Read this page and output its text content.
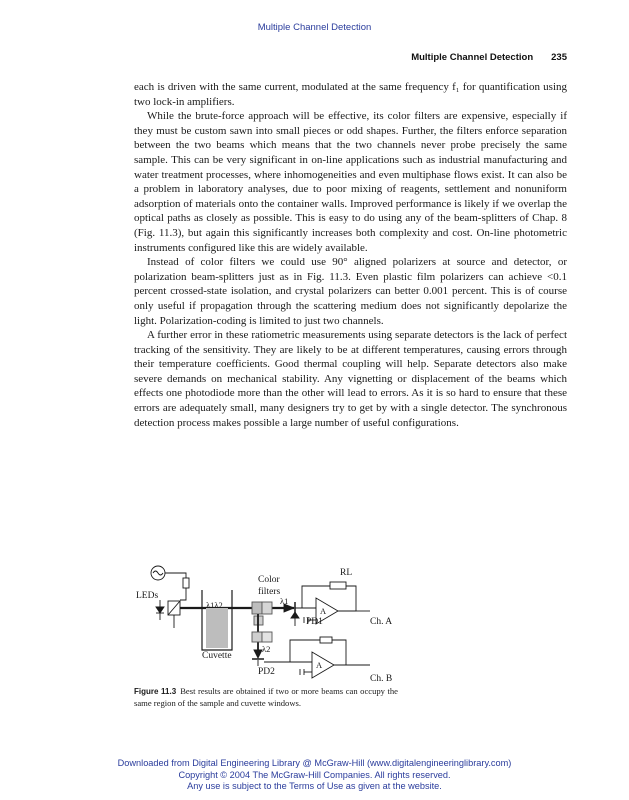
Multiple Channel Detection
Multiple Channel Detection 235

each is driven with the same current, modulated at the same frequency f₁ for quantification using two lock-in amplifiers.

While the brute-force approach will be effective, its color filters are expensive, especially if they must be custom sawn into small pieces or odd shapes. Further, the filters enforce separation between the two beams which means that the two channels never probe precisely the same sample. This can be very significant in on-line applications such as industrial manufacturing and water treatment processes, where inhomogeneities and even multiphase flows exist. It can also be a problem in laboratory analyses, due to poor mixing of reagents, settlement and nonuniform adsorption of materials onto the container walls. Improved performance is likely if we overlap the optical paths as closely as possible. This is easy to do using any of the beam-splitters of Chap. 8 (Fig. 11.3), but again this significantly increases both complexity and cost. On-line photometric instruments configured like this are widely available.

Instead of color filters we could use 90° aligned polarizers at source and detector, or polarization beam-splitters just as in Fig. 11.3. Even plastic film polarizers can achieve <0.1 percent crossed-state isolation, and crystal polarizers can better 0.001 percent. This is of course only useful if propagation through the scattering medium does not significantly depolarize the light. Polarization-coding is limited to just two channels.

A further error in these ratiometric measurements using separate detectors is the lack of perfect tracking of the sensitivity. They are likely to be at different temperatures, causing errors through their temperature coefficients. Good thermal coupling will help. Separate detectors also make severe demands on mechanical stability. Any vignetting or displacement of the beams which effects one photodiode more than the other will lead to errors. As it is so hard to ensure that these errors are adequately small, many designers try to get by with a single detector. The synchronous detection process makes possible a large number of useful configurations.

LEDs
Color
filters
λ1λ2	λ1
λ2
RL
A
A
PD1
PD2
Ch. A
Ch. B
Cuvette
Figure 11.3 Best results are obtained if two or more beams can occupy the same region of the sample and cuvette windows.
Downloaded from Digital Engineering Library @ McGraw-Hill (www.digitalengineeringlibrary.com)
Copyright © 2004 The McGraw-Hill Companies. All rights reserved.
Any use is subject to the Terms of Use as given at the website.
